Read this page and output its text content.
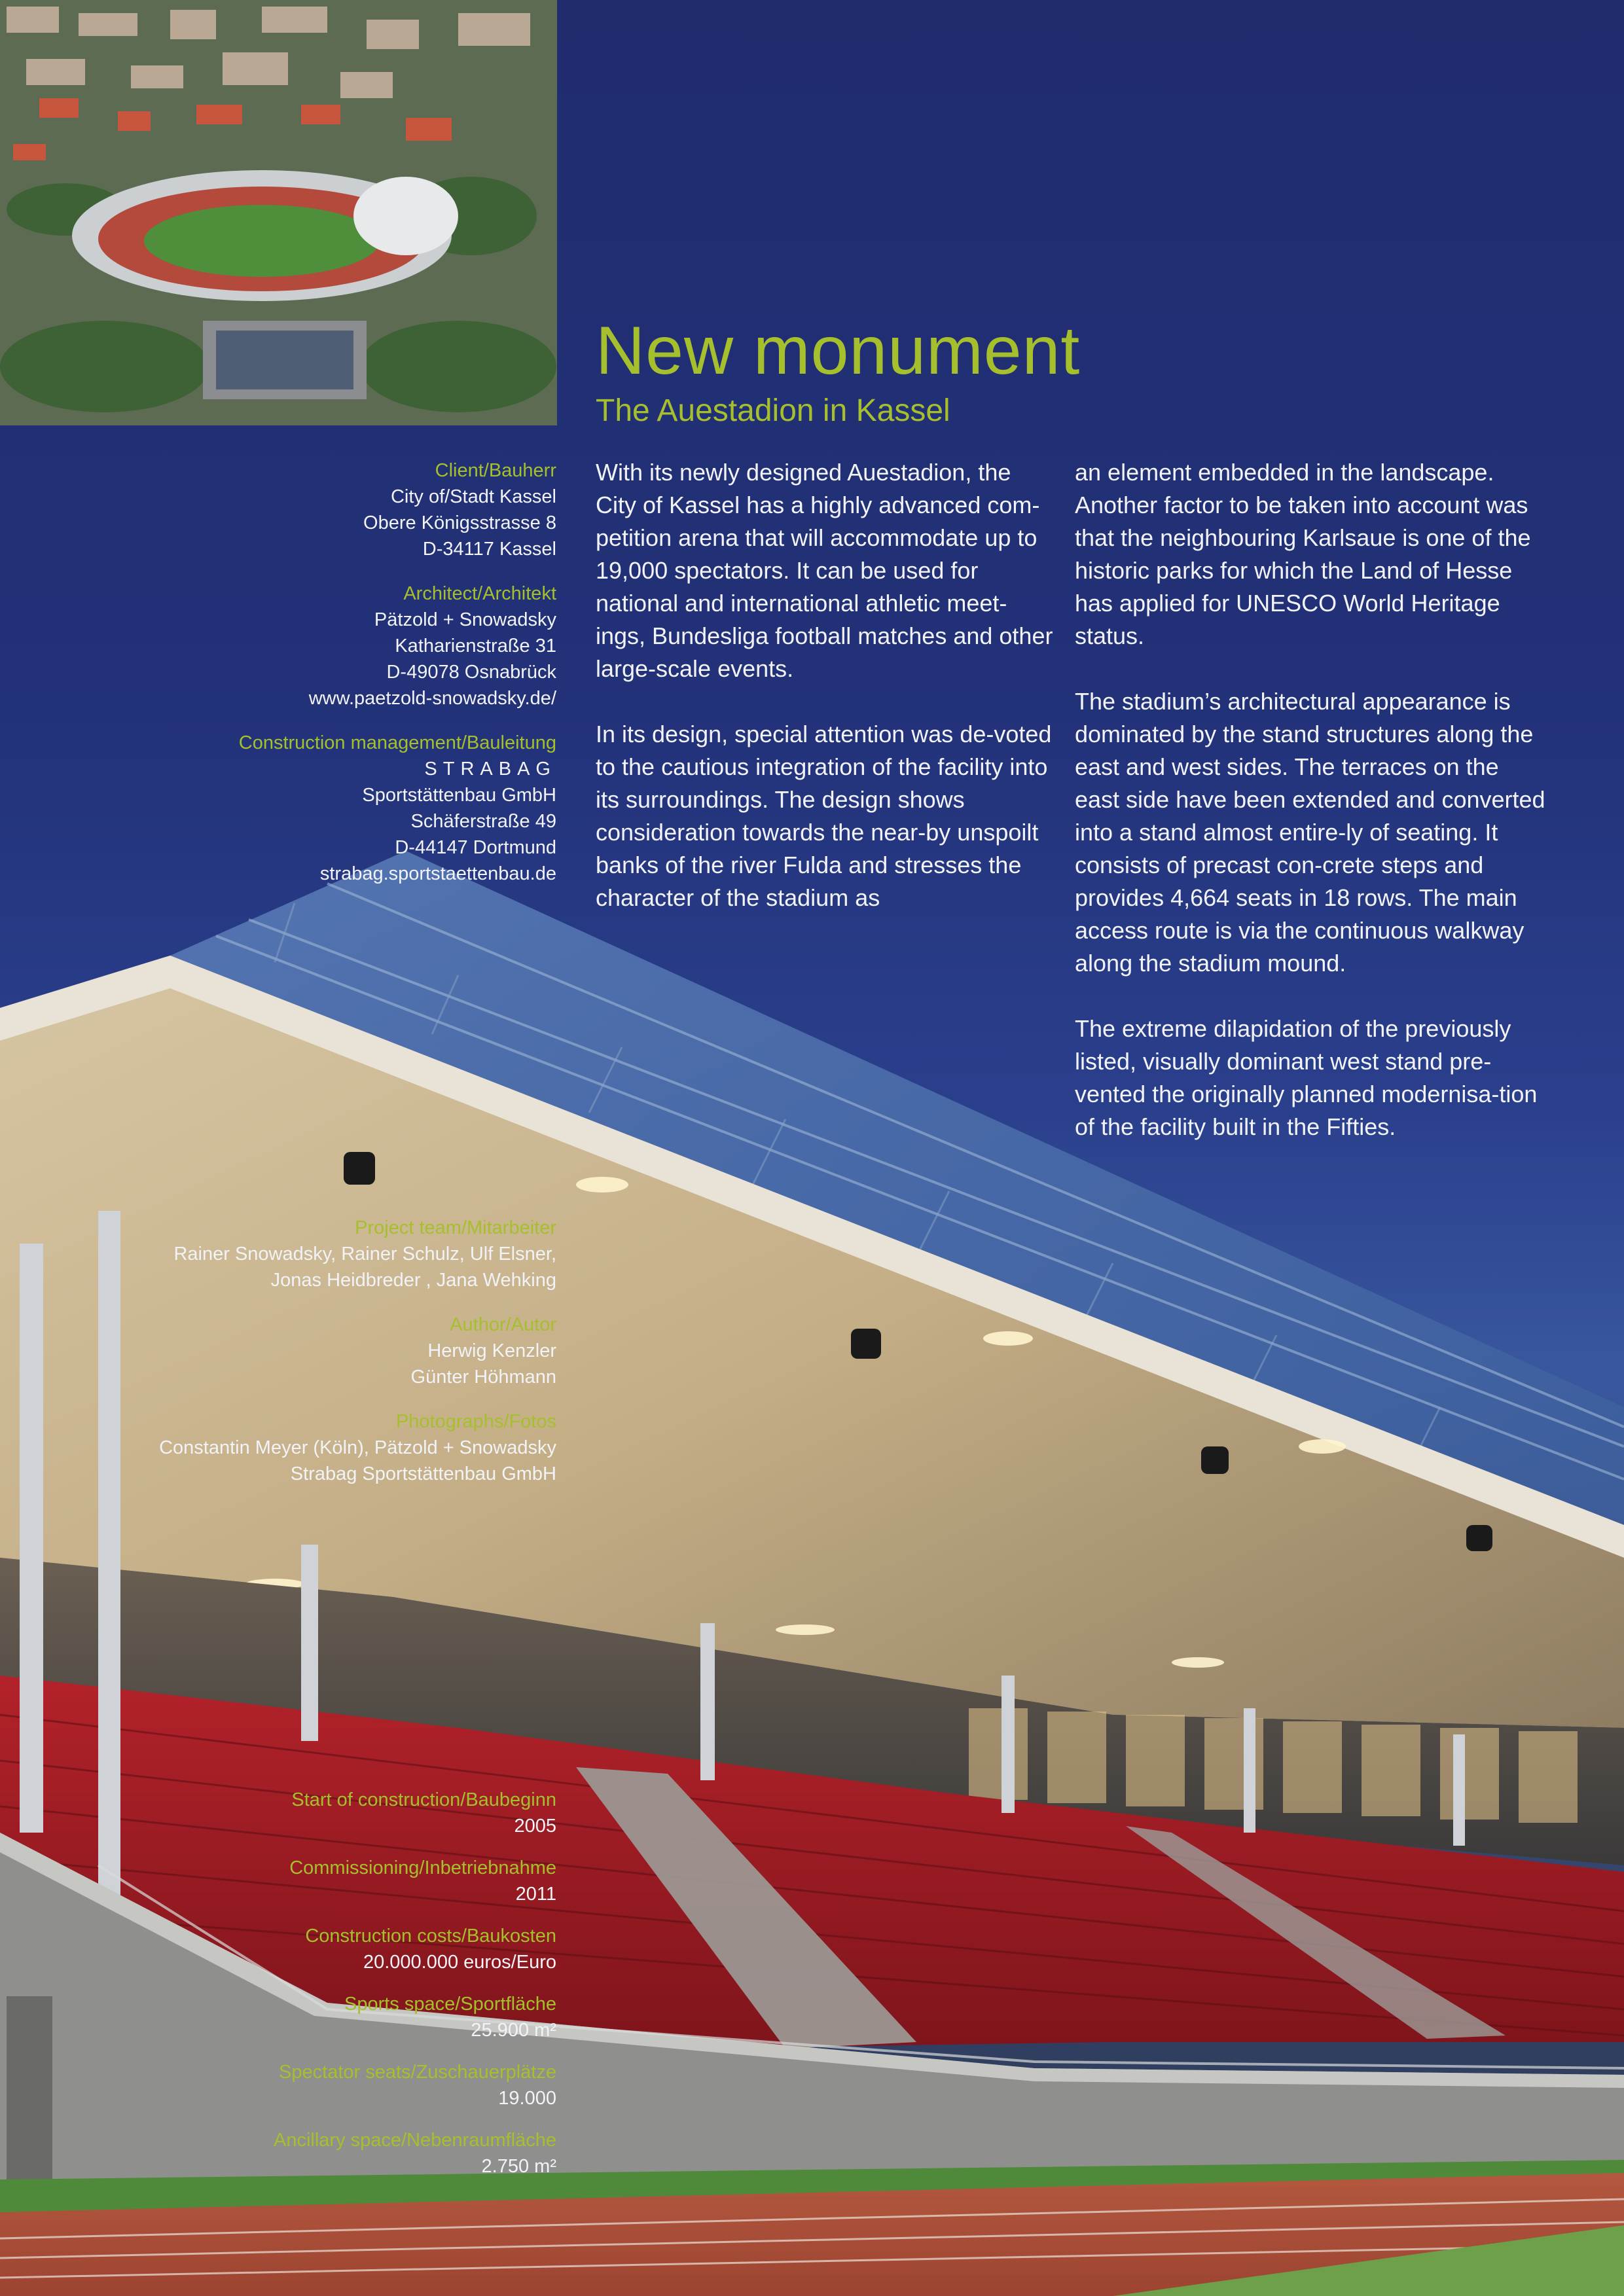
New monument
The Auestadion in Kassel

With its newly designed Auestadion, the City of Kassel has a highly advanced com-petition arena that will accommodate up to 19,000 spectators. It can be used for national and international athletic meet-ings, Bundesliga football matches and other large-scale events.

In its design, special attention was de-voted to the cautious integration of the facility into its surroundings. The design shows consideration towards the near-by unspoilt banks of the river Fulda and stresses the character of the stadium as

an element embedded in the landscape. Another factor to be taken into account was that the neighbouring Karlsaue is one of the historic parks for which the Land of Hesse has applied for UNESCO World Heritage status.

The stadium’s architectural appearance is dominated by the stand structures along the east and west sides. The terraces on the east side have been extended and converted into a stand almost entire-ly of seating. It consists of precast con-crete steps and provides 4,664 seats in 18 rows. The main access route is via the continuous walkway along the stadium mound.

The extreme dilapidation of the previously listed, visually dominant west stand pre-vented the originally planned modernisa-tion of the facility built in the Fifties.

Client/Bauherr
City of/Stadt Kassel
Obere Königsstrasse 8
D-34117 Kassel
Architect/Architekt
Pätzold + Snowadsky
Katharienstraße 31
D-49078 Osnabrück
www.paetzold-snowadsky.de/
Construction management/Bauleitung
STRABAG
Sportstättenbau GmbH
Schäferstraße 49
D-44147 Dortmund
strabag.sportstaettenbau.de
Project team/Mitarbeiter
Rainer Snowadsky, Rainer Schulz, Ulf Elsner,
Jonas Heidbreder , Jana Wehking
Author/Autor
Herwig Kenzler
Günter Höhmann
Photographs/Fotos
Constantin Meyer (Köln), Pätzold + Snowadsky
Strabag Sportstättenbau GmbH
Start of construction/Baubeginn
2005
Commissioning/Inbetriebnahme
2011
Construction costs/Baukosten
20.000.000 euros/Euro
Sports space/Sportfläche
25.900 m²
Spectator seats/Zuschauerplätze
19.000
Ancillary space/Nebenraumfläche
2.750 m²
